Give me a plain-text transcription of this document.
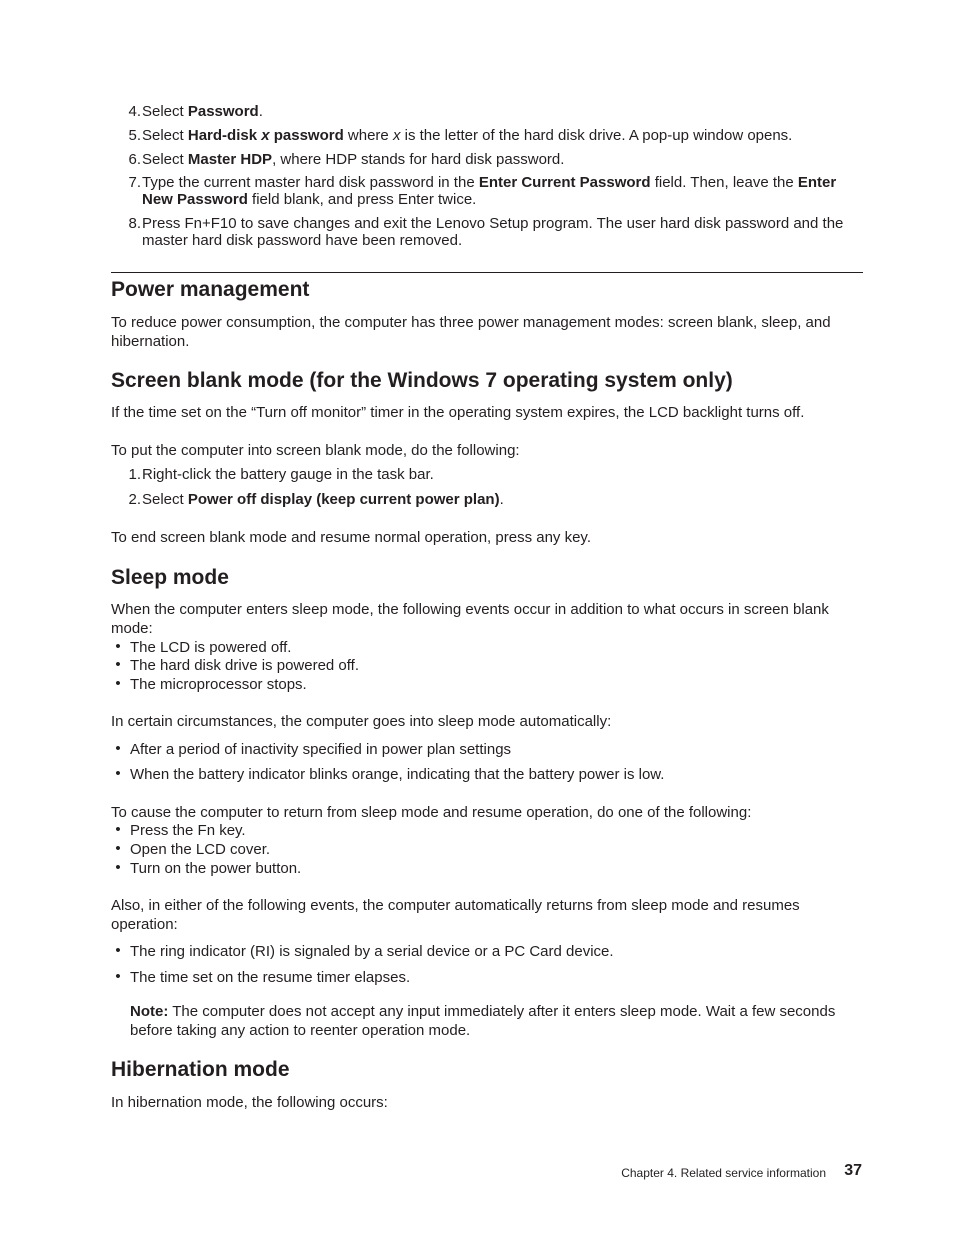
4. Select Password.
5. Select Hard-disk x password where x is the letter of the hard disk drive. A pop-up window opens.
6. Select Master HDP, where HDP stands for hard disk password.
7. Type the current master hard disk password in the Enter Current Password field. Then, leave the Enter New Password field blank, and press Enter twice.
8. Press Fn+F10 to save changes and exit the Lenovo Setup program. The user hard disk password and the master hard disk password have been removed.
Power management

To reduce power consumption, the computer has three power management modes: screen blank, sleep, and hibernation.

Screen blank mode (for the Windows 7 operating system only)

If the time set on the “Turn off monitor” timer in the operating system expires, the LCD backlight turns off.

To put the computer into screen blank mode, do the following:

1. Right-click the battery gauge in the task bar.
2. Select Power off display (keep current power plan).

To end screen blank mode and resume normal operation, press any key.

Sleep mode

When the computer enters sleep mode, the following events occur in addition to what occurs in screen blank mode:

• The LCD is powered off.
• The hard disk drive is powered off.
• The microprocessor stops.

In certain circumstances, the computer goes into sleep mode automatically:

• After a period of inactivity specified in power plan settings
• When the battery indicator blinks orange, indicating that the battery power is low.

To cause the computer to return from sleep mode and resume operation, do one of the following:

• Press the Fn key.
• Open the LCD cover.
• Turn on the power button.

Also, in either of the following events, the computer automatically returns from sleep mode and resumes operation:

• The ring indicator (RI) is signaled by a serial device or a PC Card device.
• The time set on the resume timer elapses.
Note: The computer does not accept any input immediately after it enters sleep mode. Wait a few seconds before taking any action to reenter operation mode.
Hibernation mode

In hibernation mode, the following occurs:

Chapter 4. Related service information	37
